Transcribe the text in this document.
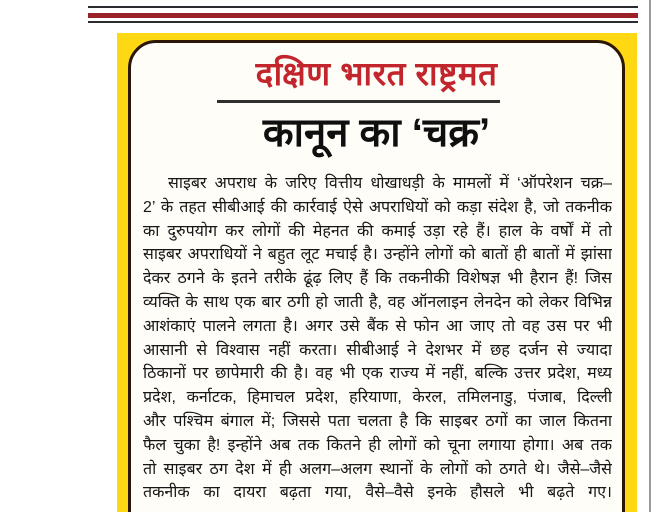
दक्षिण भारत राष्ट्रमत
कानून का ‘चक्र’
साइबर अपराध के जरिए वित्तीय धोखाधड़ी के मामलों में ‘ऑपरेशन चक्र–
2’ के तहत सीबीआई की कार्रवाई ऐसे अपराधियों को कड़ा संदेश है, जो तकनीक
का दुरुपयोग कर लोगों की मेहनत की कमाई उड़ा रहे हैं। हाल के वर्षों में तो
साइबर अपराधियों ने बहुत लूट मचाई है। उन्होंने लोगों को बातों ही बातों में झांसा
देकर ठगने के इतने तरीके ढूंढ़ लिए हैं कि तकनीकी विशेषज्ञ भी हैरान हैं! जिस
व्यक्ति के साथ एक बार ठगी हो जाती है, वह ऑनलाइन लेनदेन को लेकर विभिन्न
आशंकाएं पालने लगता है। अगर उसे बैंक से फोन आ जाए तो वह उस पर भी
आसानी से विश्वास नहीं करता। सीबीआई ने देशभर में छह दर्जन से ज्यादा
ठिकानों पर छापेमारी की है। वह भी एक राज्य में नहीं, बल्कि उत्तर प्रदेश, मध्य
प्रदेश, कर्नाटक, हिमाचल प्रदेश, हरियाणा, केरल, तमिलनाडु, पंजाब, दिल्ली
और पश्चिम बंगाल में; जिससे पता चलता है कि साइबर ठगों का जाल कितना
फैल चुका है! इन्होंने अब तक कितने ही लोगों को चूना लगाया होगा। अब तक
तो साइबर ठग देश में ही अलग–अलग स्थानों के लोगों को ठगते थे। जैसे–जैसे
तकनीक का दायरा बढ़ता गया, वैसे–वैसे इनके हौसले भी बढ़ते गए।
